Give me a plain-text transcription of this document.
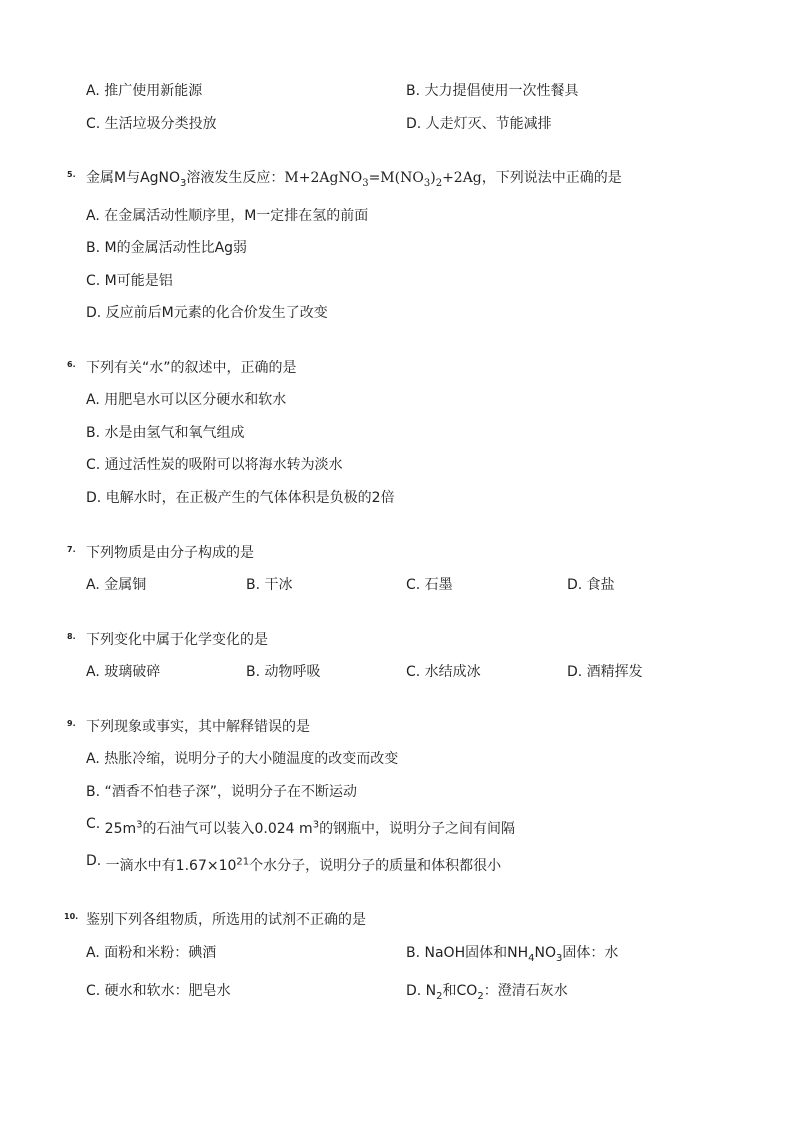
A. 推广使用新能源	B. 大力提倡使用一次性餐具
C. 生活垃圾分类投放	D. 人走灯灭、节能减排
5. 金属M与AgNO$_3$溶液发生反应：$M+2AgNO_3=M(NO_3)_2+2Ag$，下列说法中正确的是
A. 在金属活动性顺序里，M一定排在氢的前面
B. M的金属活动性比Ag弱
C. M可能是铝
D. 反应前后M元素的化合价发生了改变
6. 下列有关“水”的叙述中，正确的是
A. 用肥皂水可以区分硬水和软水
B. 水是由氢气和氧气组成
C. 通过活性炭的吸附可以将海水转为淡水
D. 电解水时，在正极产生的气体体积是负极的2倍
7. 下列物质是由分子构成的是
A. 金属铜	B. 干冰	C. 石墨	D. 食盐
8. 下列变化中属于化学变化的是
A. 玻璃破碎	B. 动物呼吸	C. 水结成冰	D. 酒精挥发
9. 下列现象或事实，其中解释错误的是
A. 热胀冷缩，说明分子的大小随温度的改变而改变
B. “酒香不怕巷子深”，说明分子在不断运动
C. $25m^3$的石油气可以装入0.024 $m^3$的钢瓶中，说明分子之间有间隔
D. 一滴水中有$1.67\times 10^{21}$个水分子，说明分子的质量和体积都很小
10. 鉴别下列各组物质，所选用的试剂不正确的是
A. 面粉和米粉：碘酒	B. NaOH固体和$NH_4NO_3$固体：水
C. 硬水和软水：肥皂水	D. $N_2$和$CO_2$：澄清石灰水
